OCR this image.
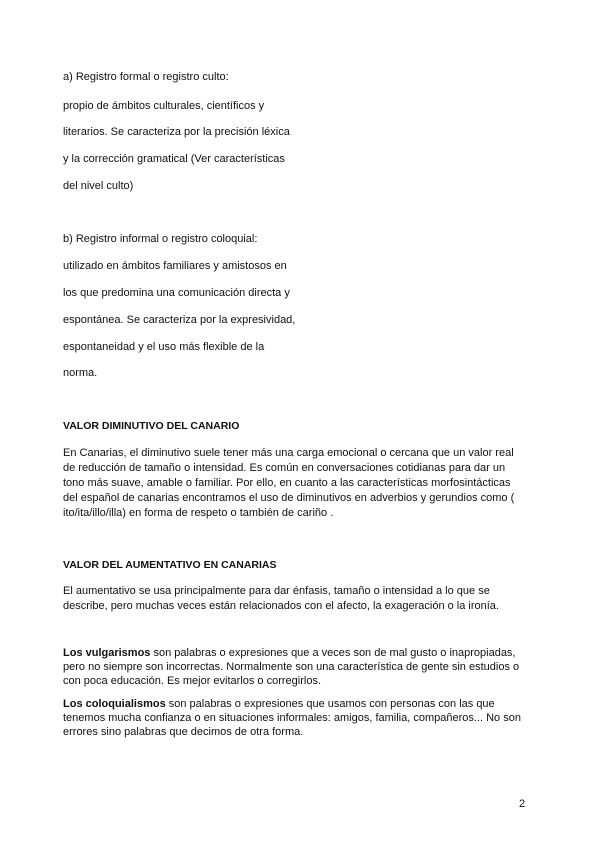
a) Registro formal o registro culto:
propio de ámbitos culturales, científicos y
literarios. Se caracteriza por la precisión léxica
y la corrección gramatical (Ver características
del nivel culto)
b) Registro informal o registro coloquial:
utilizado en ámbitos familiares y amistosos en
los que predomina una comunicación directa y
espontánea. Se caracteriza por la expresividad,
espontaneidad y el uso más flexible de la
norma.
VALOR DIMINUTIVO DEL CANARIO
En Canarias, el diminutivo suele tener más una carga emocional o cercana que un valor real
de reducción de tamaño o intensidad. Es común en conversaciones cotidianas para dar un
tono más suave, amable o familiar. Por ello, en cuanto a las características morfosintácticas
del español de canarias encontramos el uso de diminutivos en adverbios y gerundios como (
ito/ita/illo/illa) en forma de respeto o también de cariño .
VALOR DEL AUMENTATIVO EN CANARIAS
El aumentativo se usa principalmente para dar énfasis, tamaño o intensidad a lo que se
describe, pero muchas veces están relacionados con el afecto, la exageración o la ironía.
Los vulgarismos son palabras o expresiones que a veces son de mal gusto o inapropiadas,
pero no siempre son incorrectas. Normalmente son una característica de gente sin estudios o
con poca educación. Es mejor evitarlos o corregirlos.
Los coloquialismos son palabras o expresiones que usamos con personas con las que
tenemos mucha confianza o en situaciones informales: amigos, familia, compañeros... No son
errores sino palabras que decimos de otra forma.
2
